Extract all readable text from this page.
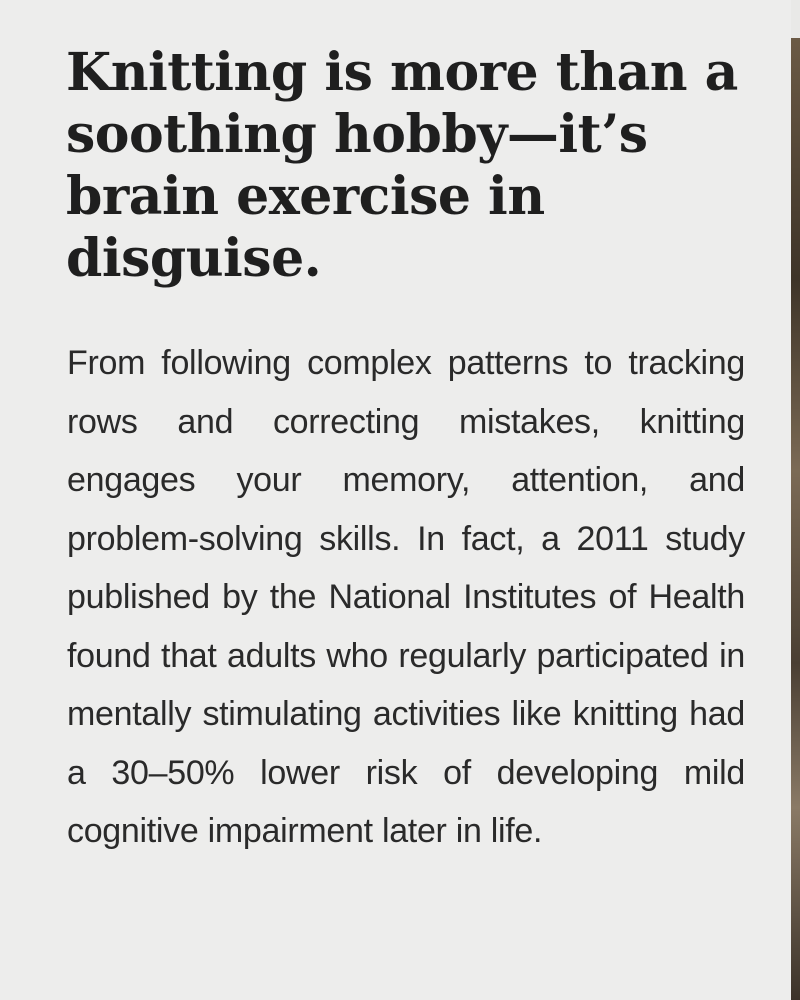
Knitting is more than a soothing hobby—it’s brain exercise in disguise.

From following complex patterns to tracking rows and correcting mistakes, knitting engages your memory, attention, and problem-solving skills. In fact, a 2011 study published by the National Institutes of Health found that adults who regularly participated in mentally stimulating activities like knitting had a 30–50% lower risk of developing mild cognitive impairment later in life.
